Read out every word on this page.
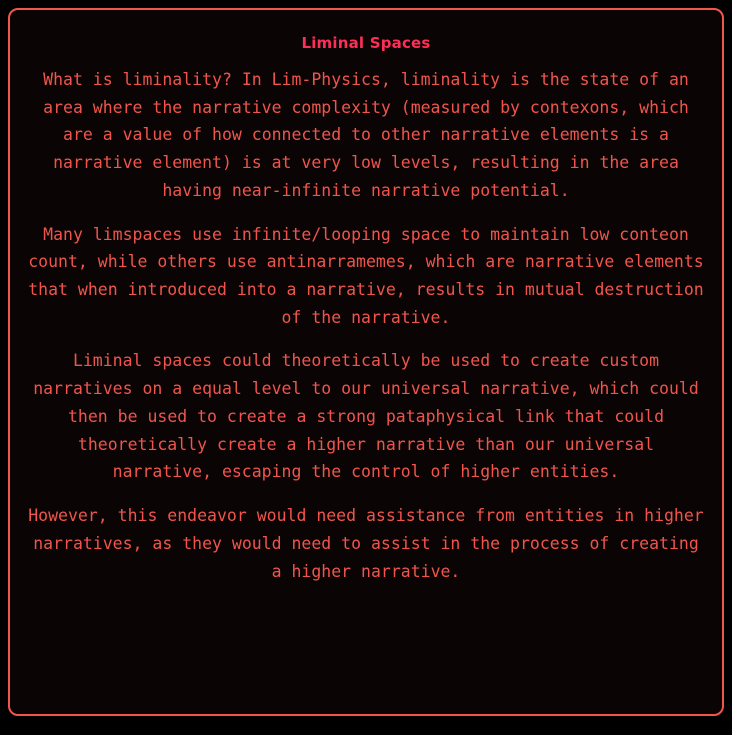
Liminal Spaces

What is liminality? In Lim-Physics, liminality is the state of an area where the narrative complexity (measured by contexons, which are a value of how connected to other narrative elements is a narrative element) is at very low levels, resulting in the area having near-infinite narrative potential.

Many limspaces use infinite/looping space to maintain low conteon count, while others use antinarramemes, which are narrative elements that when introduced into a narrative, results in mutual destruction of the narrative.

Liminal spaces could theoretically be used to create custom narratives on a equal level to our universal narrative, which could then be used to create a strong pataphysical link that could theoretically create a higher narrative than our universal narrative, escaping the control of higher entities.

However, this endeavor would need assistance from entities in higher narratives, as they would need to assist in the process of creating a higher narrative.
